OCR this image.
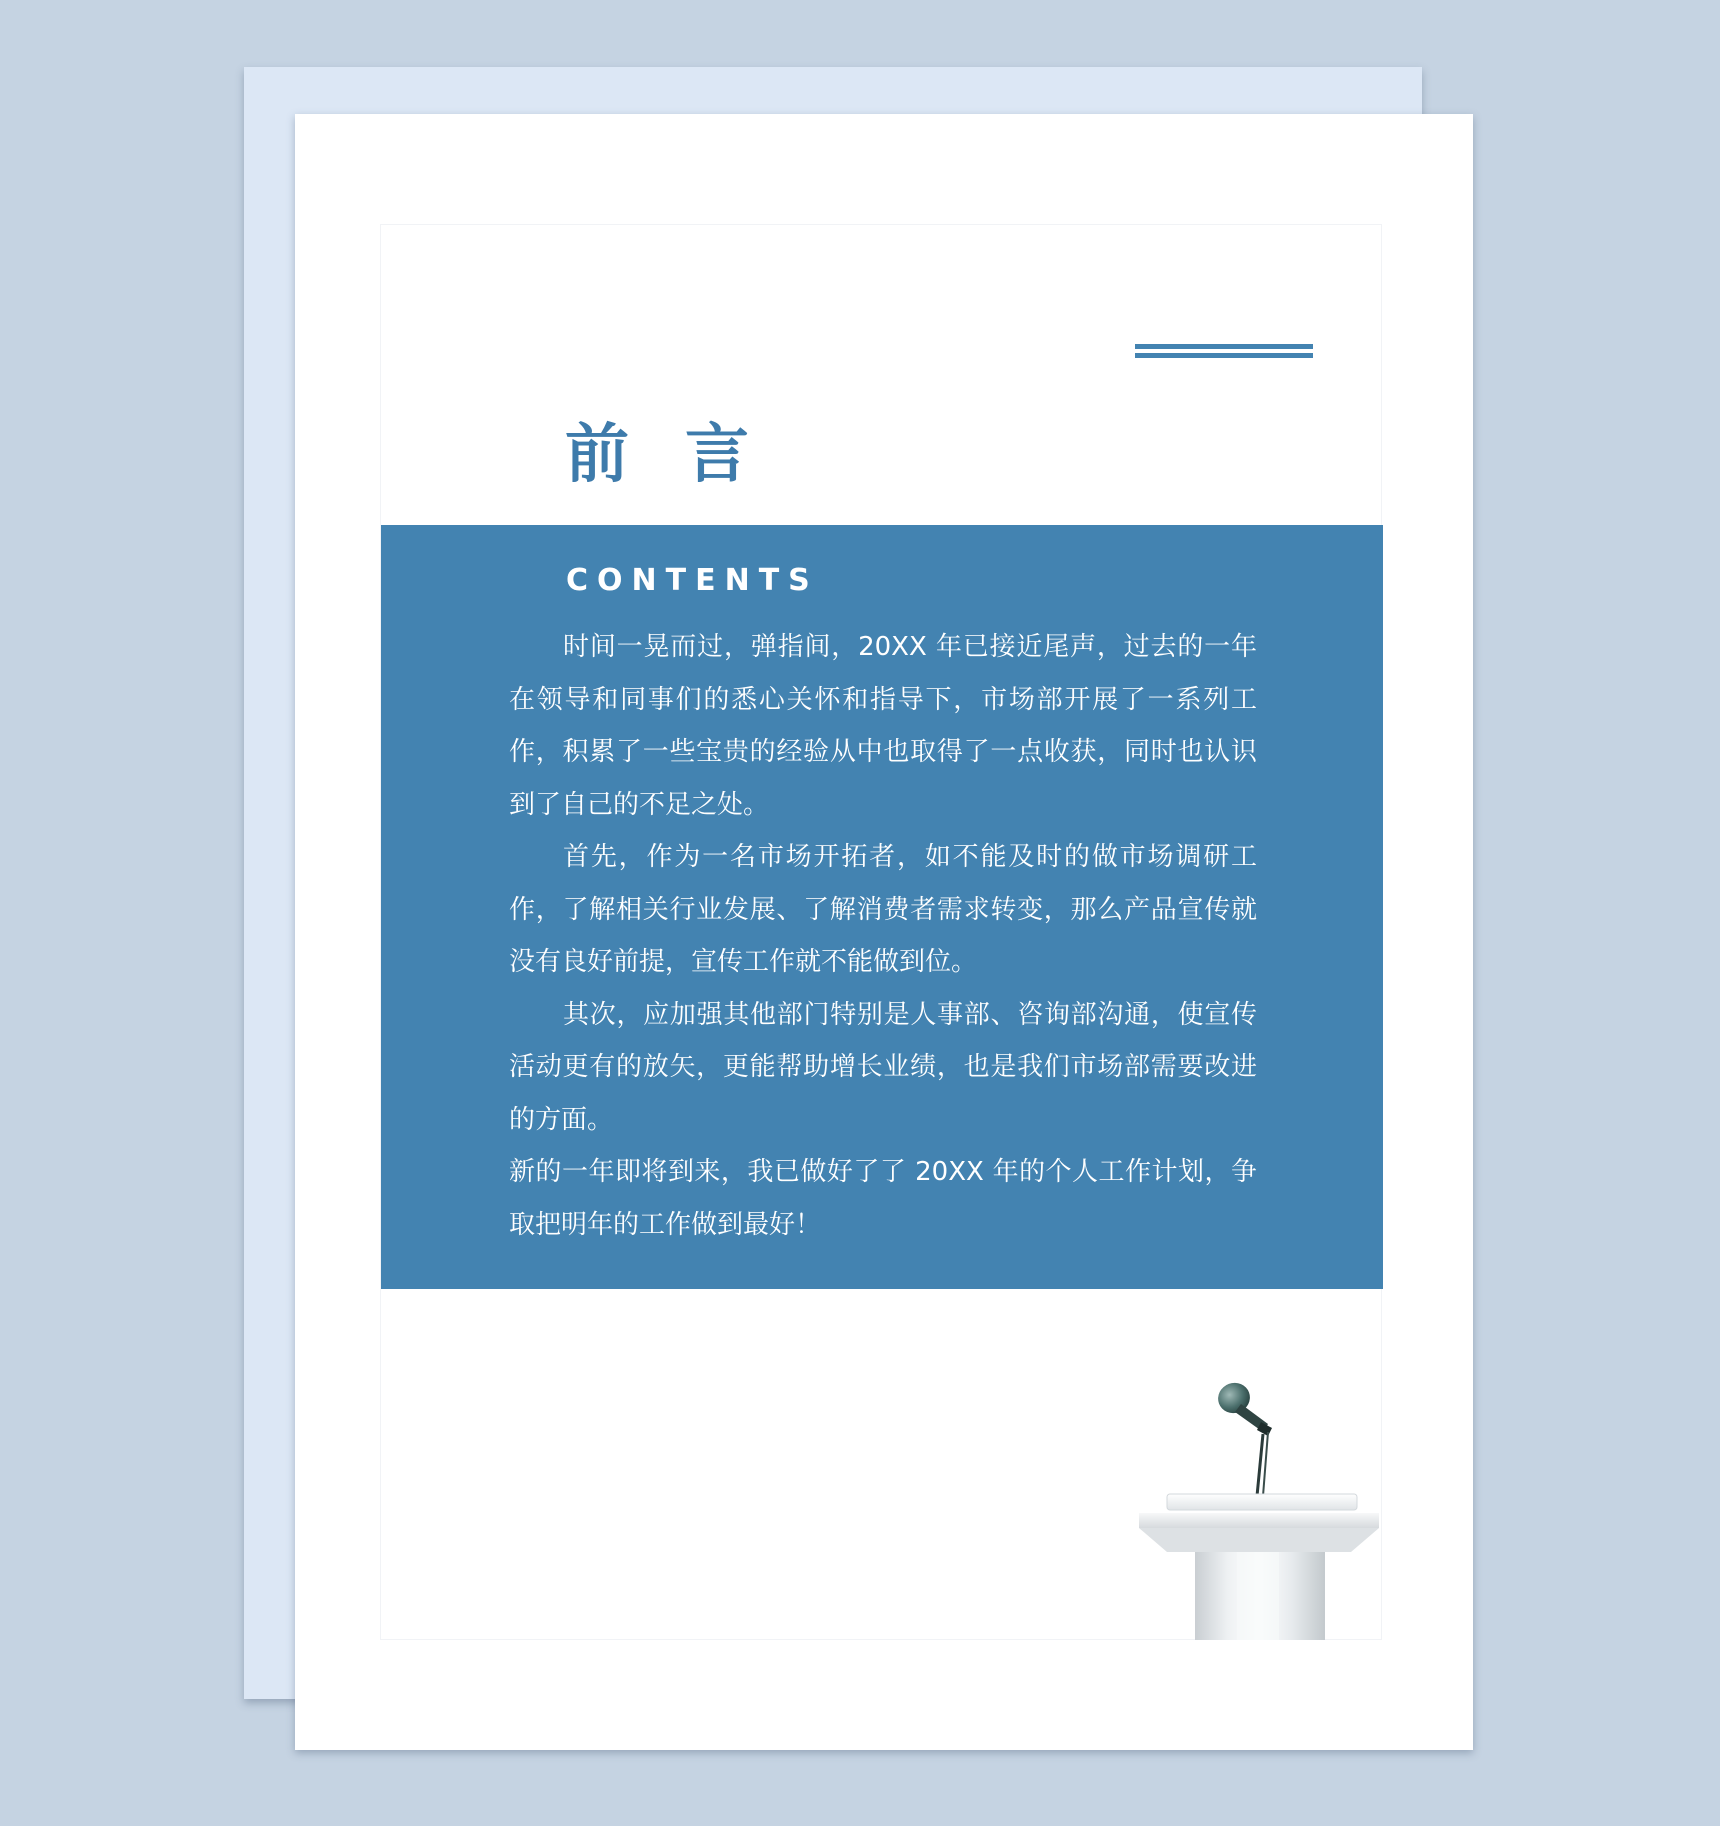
前言
CONTENTS

时间一晃而过，弹指间，20XX 年已接近尾声，过去的一年在领导和同事们的悉心关怀和指导下，市场部开展了一系列工作，积累了一些宝贵的经验从中也取得了一点收获，同时也认识到了自己的不足之处。

首先，作为一名市场开拓者，如不能及时的做市场调研工作，了解相关行业发展、了解消费者需求转变，那么产品宣传就没有良好前提，宣传工作就不能做到位。

其次，应加强其他部门特别是人事部、咨询部沟通，使宣传活动更有的放矢，更能帮助增长业绩，也是我们市场部需要改进的方面。

新的一年即将到来，我已做好了了 20XX 年的个人工作计划，争取把明年的工作做到最好！
